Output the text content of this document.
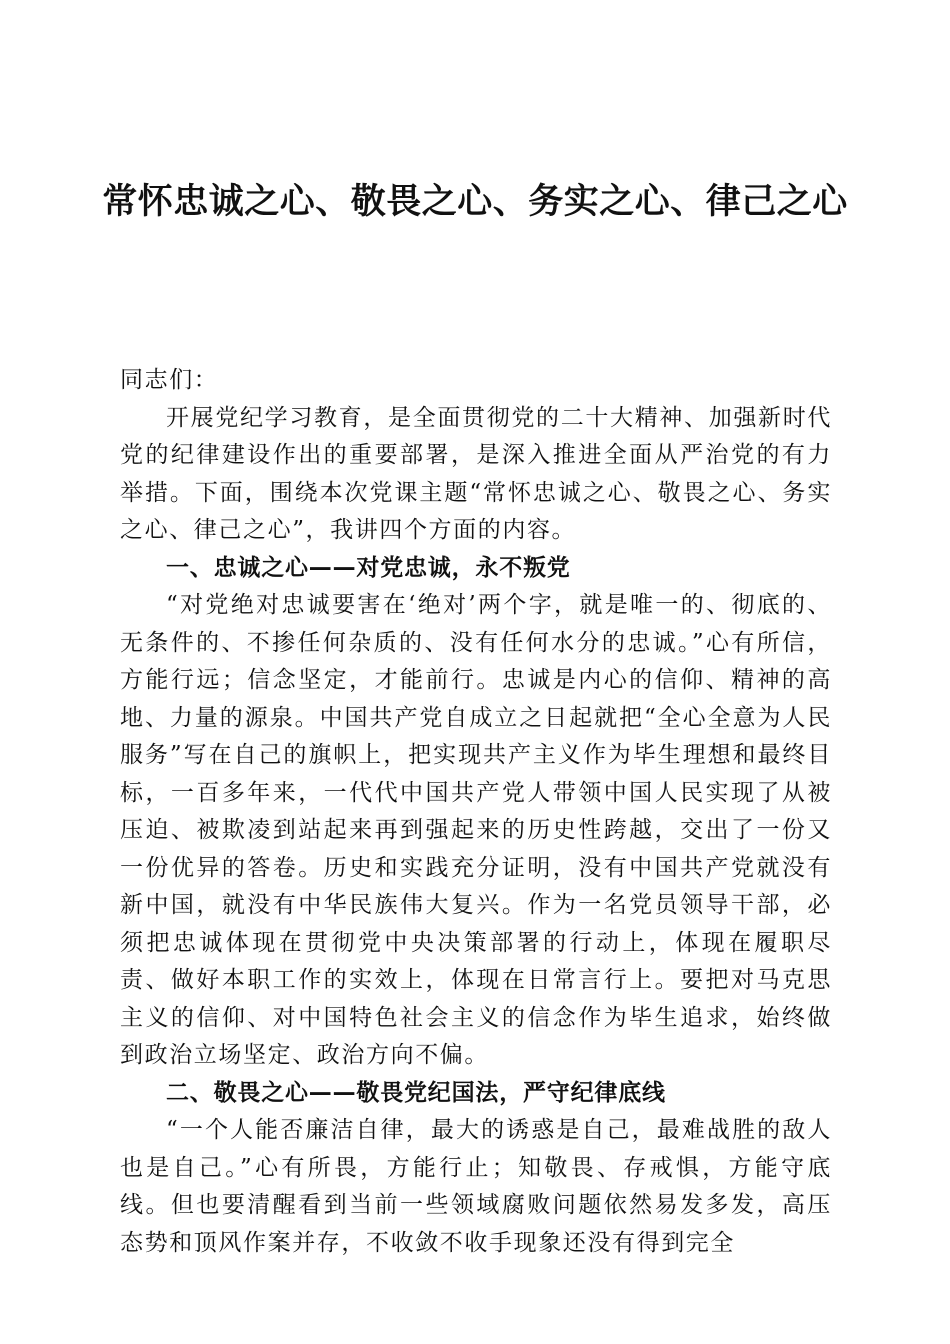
常怀忠诚之心、敬畏之心、务实之心、律己之心

同志们：

开展党纪学习教育，是全面贯彻党的二十大精神、加强新时代党的纪律建设作出的重要部署，是深入推进全面从严治党的有力举措。下面，围绕本次党课主题“常怀忠诚之心、敬畏之心、务实之心、律己之心”，我讲四个方面的内容。

一、忠诚之心——对党忠诚，永不叛党

“对党绝对忠诚要害在‘绝对’两个字，就是唯一的、彻底的、无条件的、不掺任何杂质的、没有任何水分的忠诚。”心有所信，方能行远；信念坚定，才能前行。忠诚是内心的信仰、精神的高地、力量的源泉。中国共产党自成立之日起就把“全心全意为人民服务”写在自己的旗帜上，把实现共产主义作为毕生理想和最终目标，一百多年来，一代代中国共产党人带领中国人民实现了从被压迫、被欺凌到站起来再到强起来的历史性跨越，交出了一份又一份优异的答卷。历史和实践充分证明，没有中国共产党就没有新中国，就没有中华民族伟大复兴。作为一名党员领导干部，必须把忠诚体现在贯彻党中央决策部署的行动上，体现在履职尽责、做好本职工作的实效上，体现在日常言行上。要把对马克思主义的信仰、对中国特色社会主义的信念作为毕生追求，始终做到政治立场坚定、政治方向不偏。

二、敬畏之心——敬畏党纪国法，严守纪律底线

“一个人能否廉洁自律，最大的诱惑是自己，最难战胜的敌人也是自己。”心有所畏，方能行止；知敬畏、存戒惧，方能守底线。但也要清醒看到当前一些领域腐败问题依然易发多发，高压态势和顶风作案并存，不收敛不收手现象还没有得到完全
